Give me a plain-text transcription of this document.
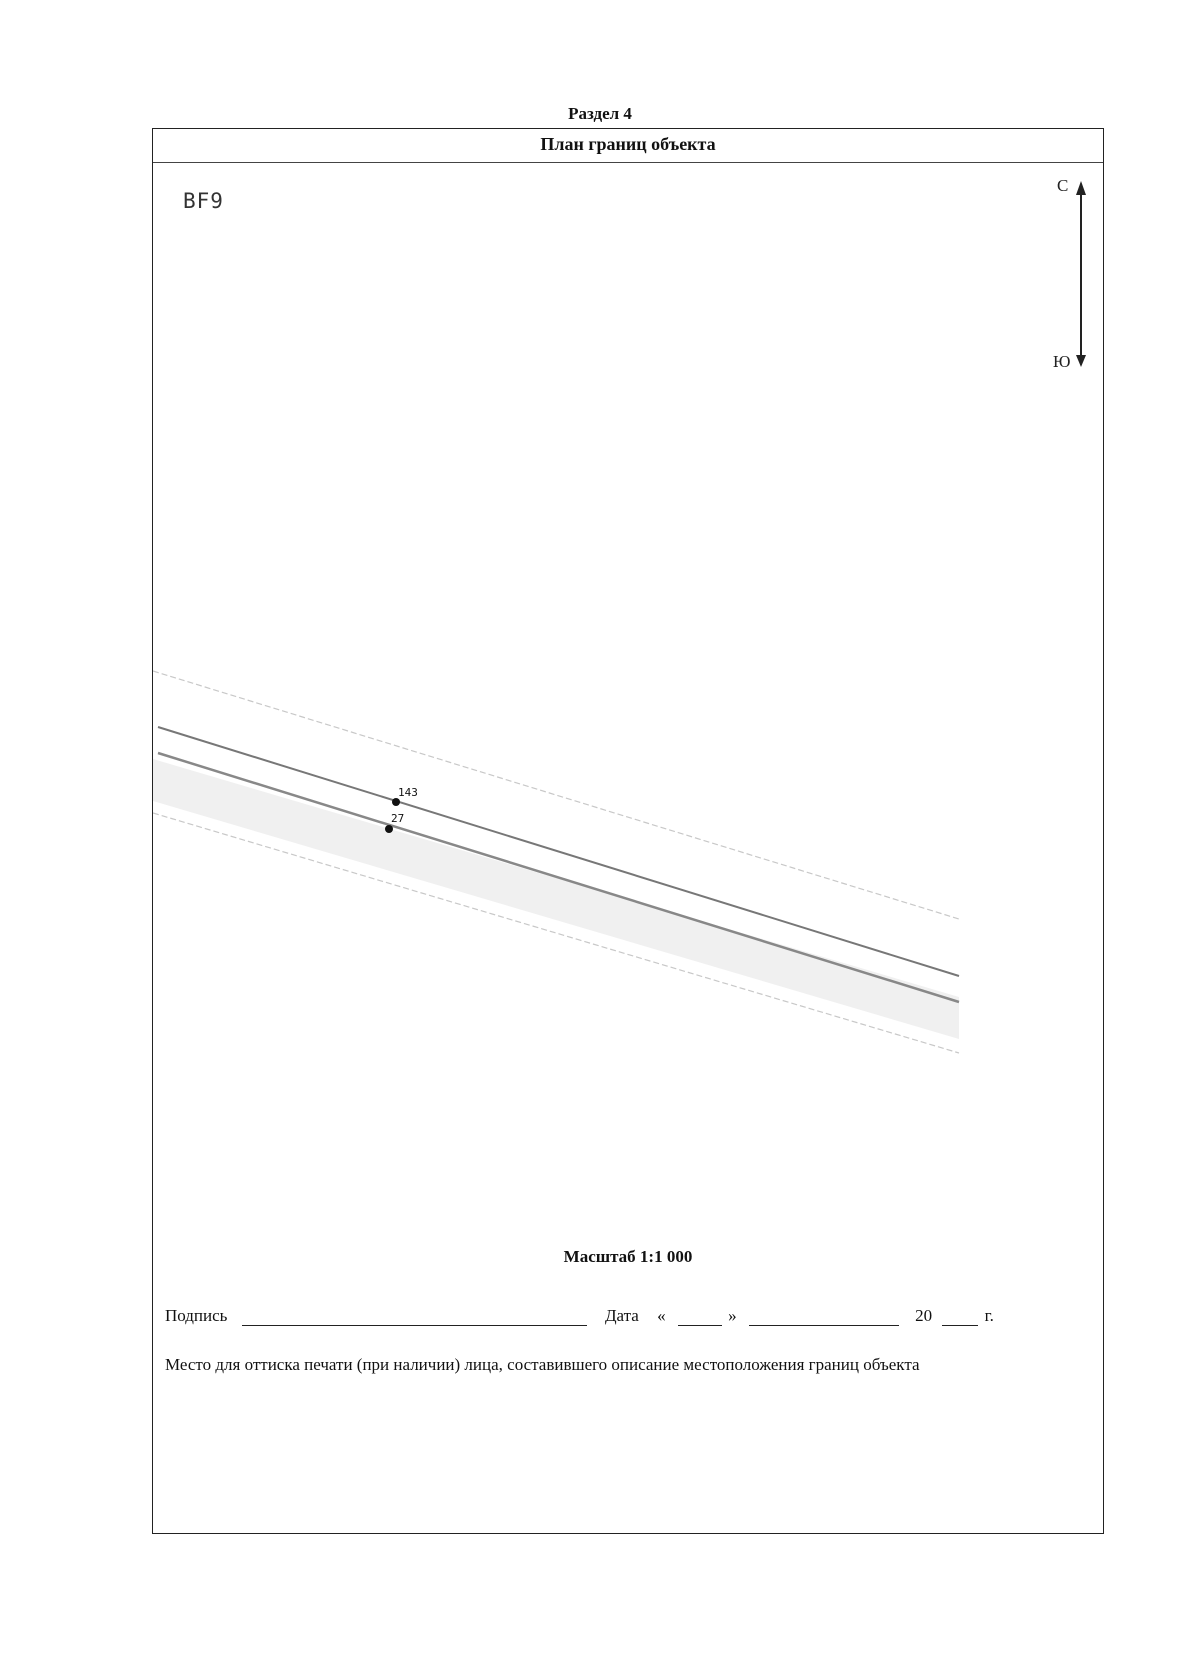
Раздел 4
План границ объекта
BF9
С
Ю
143
27
Масштаб 1:1 000
Подпись	Дата «	»	20	г.
Место для оттиска печати (при наличии) лица, составившего описание местоположения границ объекта
